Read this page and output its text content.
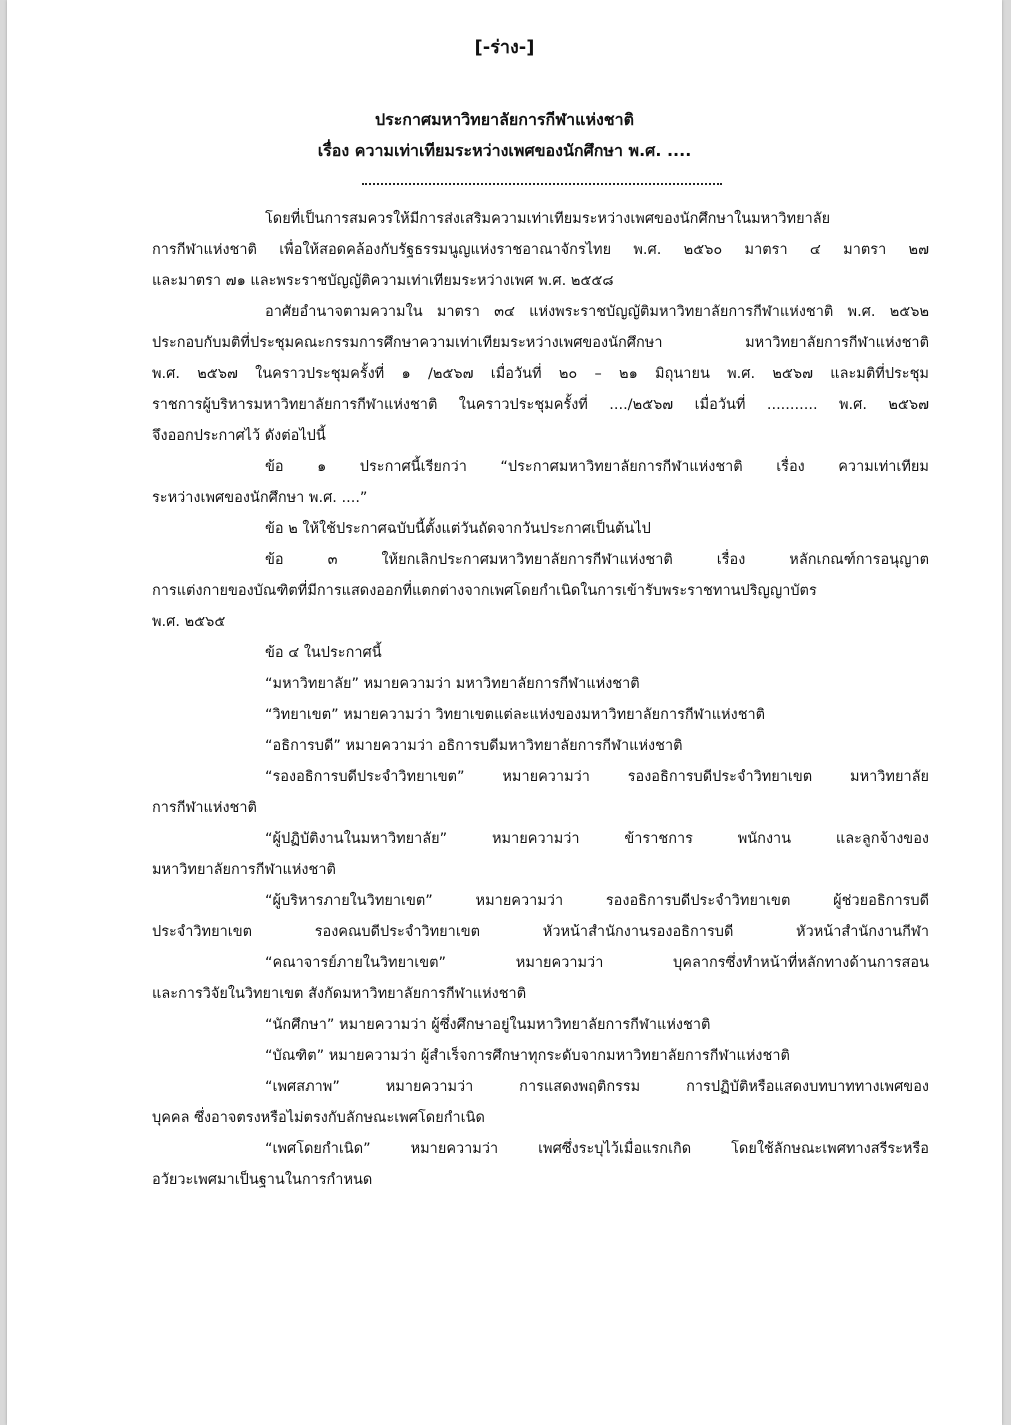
[-ร่าง-]
ประกาศมหาวิทยาลัยการกีฬาแห่งชาติ
เรื่อง ความเท่าเทียมระหว่างเพศของนักศึกษา พ.ศ. ....
โดยที่เป็นการสมควรให้มีการส่งเสริมความเท่าเทียมระหว่างเพศของนักศึกษาในมหาวิทยาลัย
การกีฬาแห่งชาติ เพื่อให้สอดคล้องกับรัฐธรรมนูญแห่งราชอาณาจักรไทย พ.ศ. ๒๕๖๐ มาตรา ๔ มาตรา ๒๗
และมาตรา ๗๑ และพระราชบัญญัติความเท่าเทียมระหว่างเพศ พ.ศ. ๒๕๕๘
อาศัยอำนาจตามความใน มาตรา ๓๔ แห่งพระราชบัญญัติมหาวิทยาลัยการกีฬาแห่งชาติ พ.ศ. ๒๕๖๒
ประกอบกับมติที่ประชุมคณะกรรมการศึกษาความเท่าเทียมระหว่างเพศของนักศึกษา มหาวิทยาลัยการกีฬาแห่งชาติ
พ.ศ. ๒๕๖๗ ในคราวประชุมครั้งที่ ๑ /๒๕๖๗ เมื่อวันที่ ๒๐ – ๒๑ มิถุนายน พ.ศ. ๒๕๖๗ และมติที่ประชุม
ราชการผู้บริหารมหาวิทยาลัยการกีฬาแห่งชาติ ในคราวประชุมครั้งที่ ..../๒๕๖๗ เมื่อวันที่ ........... พ.ศ. ๒๕๖๗
จึงออกประกาศไว้ ดังต่อไปนี้
ข้อ ๑ ประกาศนี้เรียกว่า “ประกาศมหาวิทยาลัยการกีฬาแห่งชาติ เรื่อง ความเท่าเทียม
ระหว่างเพศของนักศึกษา พ.ศ. ....”
ข้อ ๒ ให้ใช้ประกาศฉบับนี้ตั้งแต่วันถัดจากวันประกาศเป็นต้นไป
ข้อ ๓ ให้ยกเลิกประกาศมหาวิทยาลัยการกีฬาแห่งชาติ เรื่อง หลักเกณฑ์การอนุญาต
การแต่งกายของบัณฑิตที่มีการแสดงออกที่แตกต่างจากเพศโดยกำเนิดในการเข้ารับพระราชทานปริญญาบัตร
พ.ศ. ๒๕๖๕
ข้อ ๔ ในประกาศนี้
“มหาวิทยาลัย” หมายความว่า มหาวิทยาลัยการกีฬาแห่งชาติ
“วิทยาเขต” หมายความว่า วิทยาเขตแต่ละแห่งของมหาวิทยาลัยการกีฬาแห่งชาติ
“อธิการบดี” หมายความว่า อธิการบดีมหาวิทยาลัยการกีฬาแห่งชาติ
“รองอธิการบดีประจำวิทยาเขต” หมายความว่า รองอธิการบดีประจำวิทยาเขต มหาวิทยาลัย
การกีฬาแห่งชาติ
“ผู้ปฏิบัติงานในมหาวิทยาลัย” หมายความว่า ข้าราชการ พนักงาน และลูกจ้างของ
มหาวิทยาลัยการกีฬาแห่งชาติ
“ผู้บริหารภายในวิทยาเขต” หมายความว่า รองอธิการบดีประจำวิทยาเขต ผู้ช่วยอธิการบดี
ประจำวิทยาเขต รองคณบดีประจำวิทยาเขต หัวหน้าสำนักงานรองอธิการบดี หัวหน้าสำนักงานกีฬา
“คณาจารย์ภายในวิทยาเขต” หมายความว่า บุคลากรซึ่งทำหน้าที่หลักทางด้านการสอน
และการวิจัยในวิทยาเขต สังกัดมหาวิทยาลัยการกีฬาแห่งชาติ
“นักศึกษา” หมายความว่า ผู้ซึ่งศึกษาอยู่ในมหาวิทยาลัยการกีฬาแห่งชาติ
“บัณฑิต” หมายความว่า ผู้สำเร็จการศึกษาทุกระดับจากมหาวิทยาลัยการกีฬาแห่งชาติ
“เพศสภาพ” หมายความว่า การแสดงพฤติกรรม การปฏิบัติหรือแสดงบทบาททางเพศของ
บุคคล ซึ่งอาจตรงหรือไม่ตรงกับลักษณะเพศโดยกำเนิด
“เพศโดยกำเนิด” หมายความว่า เพศซึ่งระบุไว้เมื่อแรกเกิด โดยใช้ลักษณะเพศทางสรีระหรือ
อวัยวะเพศมาเป็นฐานในการกำหนด
